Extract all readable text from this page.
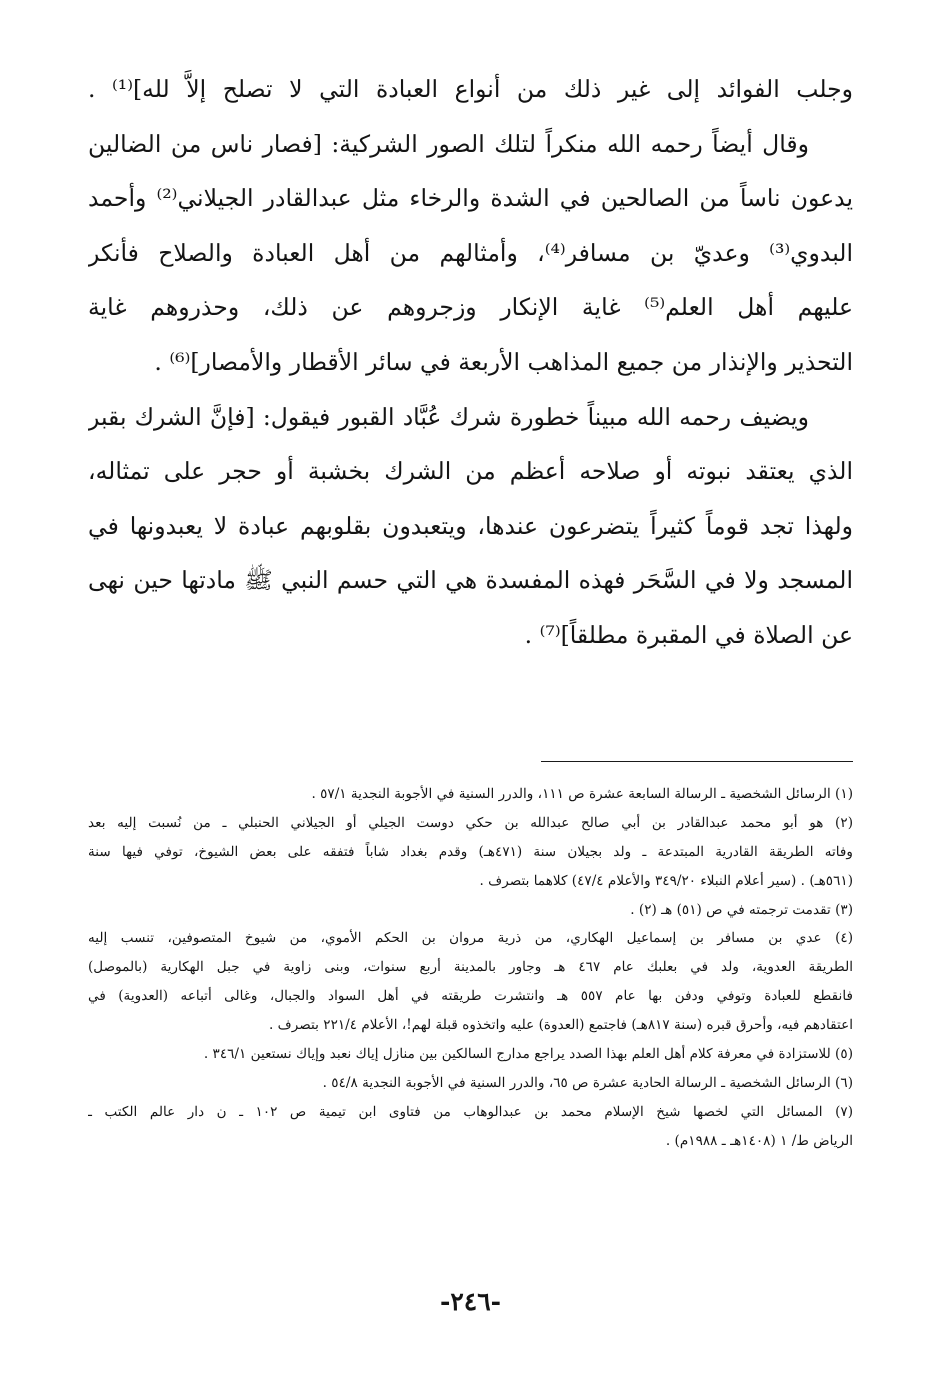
وجلب الفوائد إلى غير ذلك من أنواع العبادة التي لا تصلح إلاَّ لله]⁽¹⁾ .
وقال أيضاً رحمه الله منكراً لتلك الصور الشركية: [فصار ناس من الضالين
يدعون ناساً من الصالحين في الشدة والرخاء مثل عبدالقادر الجيلاني⁽²⁾ وأحمد
البدوي⁽³⁾ وعديّ بن مسافر⁽⁴⁾، وأمثالهم من أهل العبادة والصلاح فأنكر
عليهم أهل العلم⁽⁵⁾ غاية الإنكار وزجروهم عن ذلك، وحذروهم غاية
التحذير والإنذار من جميع المذاهب الأربعة في سائر الأقطار والأمصار]⁽⁶⁾ .
ويضيف رحمه الله مبيناً خطورة شرك عُبَّاد القبور فيقول: [فإنَّ الشرك بقبر
الذي يعتقد نبوته أو صلاحه أعظم من الشرك بخشبة أو حجر على تمثاله،
ولهذا تجد قوماً كثيراً يتضرعون عندها، ويتعبدون بقلوبهم عبادة لا يعبدونها في
المسجد ولا في السَّحَر فهذه المفسدة هي التي حسم النبي ﷺ مادتها حين نهى
عن الصلاة في المقبرة مطلقاً]⁽⁷⁾ .
(١) الرسائل الشخصية ـ الرسالة السابعة عشرة ص ١١١، والدرر السنية في الأجوبة النجدية ٥٧/١ .
(٢) هو أبو محمد عبدالقادر بن أبي صالح عبدالله بن حكي دوست الجيلي أو الجيلاني الحنبلي ـ من نُسبت إليه بعد
وفاته الطريقة القادرية المبتدعة ـ ولد بجيلان سنة (٤٧١هـ) وقدم بغداد شاباً فتفقه على بعض الشيوخ، توفي فيها سنة
(٥٦١هـ) . (سير أعلام النبلاء ٣٤٩/٢٠ والأعلام ٤٧/٤) كلاهما بتصرف .
(٣) تقدمت ترجمته في ص (٥١) هـ (٢) .
(٤) عدي بن مسافر بن إسماعيل الهكاري، من ذرية مروان بن الحكم الأموي، من شيوخ المتصوفين، تنسب إليه
الطريقة العدوية، ولد في بعلبك عام ٤٦٧ هـ وجاور بالمدينة أربع سنوات، وبنى زاوية في جبل الهكارية (بالموصل)
فانقطع للعبادة وتوفي ودفن بها عام ٥٥٧ هـ وانتشرت طريقته في أهل السواد والجبال، وغالى أتباعه (العدوية) في
اعتقادهم فيه، وأحرق قبره (سنة ٨١٧هـ) فاجتمع (العدوة) عليه واتخذوه قبلة لهم!، الأعلام ٢٢١/٤ بتصرف .
(٥) للاستزادة في معرفة كلام أهل العلم بهذا الصدد يراجع مدارج السالكين بين منازل إياك نعبد وإياك نستعين ٣٤٦/١ .
(٦) الرسائل الشخصية ـ الرسالة الحادية عشرة ص ٦٥، والدرر السنية في الأجوبة النجدية ٥٤/٨ .
(٧) المسائل التي لخصها شيخ الإسلام محمد بن عبدالوهاب من فتاوى ابن تيمية ص ١٠٢ ـ ن دار عالم الكتب ـ
الرياض ط/ ١ (١٤٠٨هـ ـ ١٩٨٨م) .
-٢٤٦-
